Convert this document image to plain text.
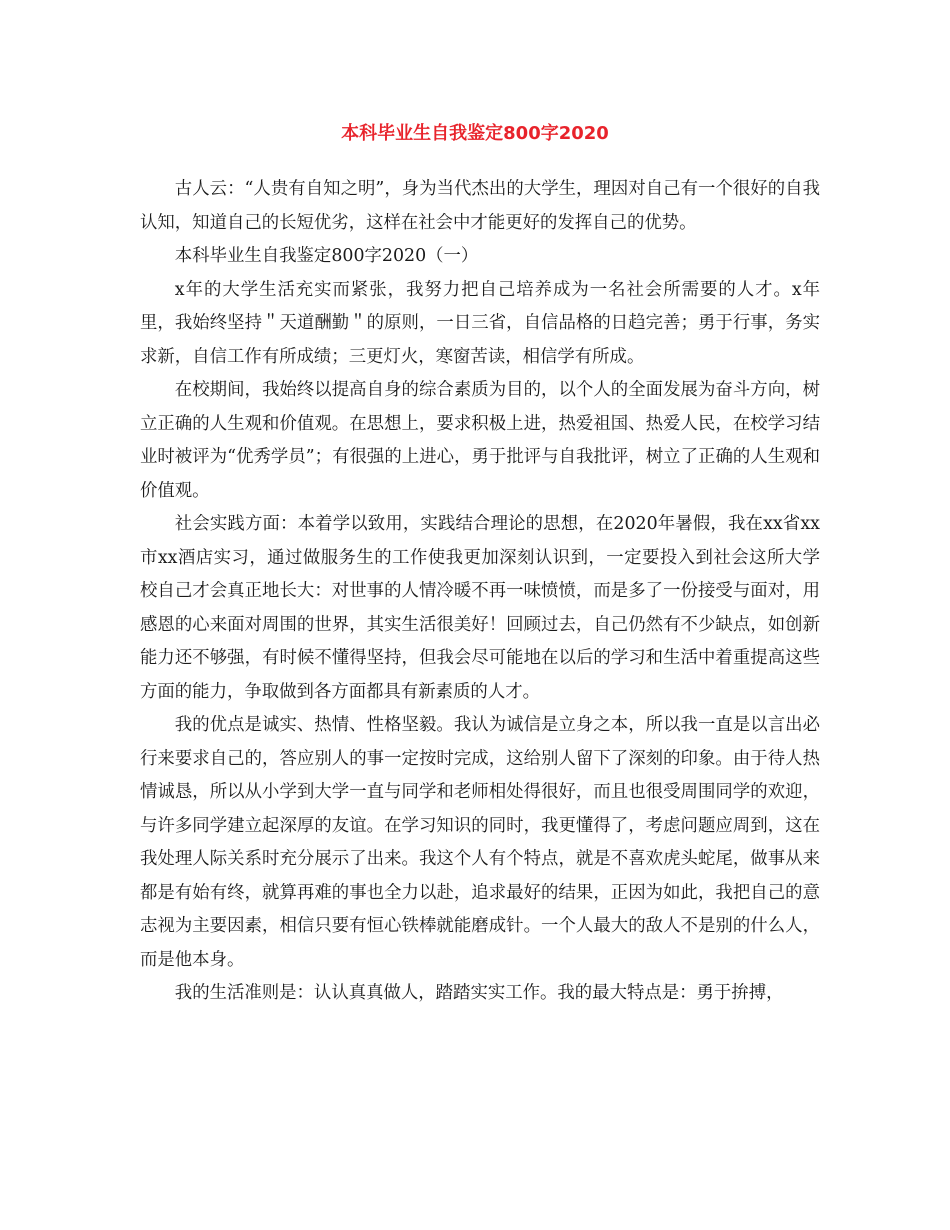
本科毕业生自我鉴定800字2020

古人云：“人贵有自知之明”，身为当代杰出的大学生，理因对自己有一个很好的自我认知，知道自己的长短优劣，这样在社会中才能更好的发挥自己的优势。

本科毕业生自我鉴定800字2020（一）

x年的大学生活充实而紧张，我努力把自己培养成为一名社会所需要的人才。x年里，我始终坚持＂天道酬勤＂的原则，一日三省，自信品格的日趋完善；勇于行事，务实求新，自信工作有所成绩；三更灯火，寒窗苦读，相信学有所成。

在校期间，我始终以提高自身的综合素质为目的，以个人的全面发展为奋斗方向，树立正确的人生观和价值观。在思想上，要求积极上进，热爱祖国、热爱人民，在校学习结业时被评为“优秀学员”；有很强的上进心，勇于批评与自我批评，树立了正确的人生观和价值观。

社会实践方面：本着学以致用，实践结合理论的思想，在2020年暑假，我在xx省xx市xx酒店实习，通过做服务生的工作使我更加深刻认识到，一定要投入到社会这所大学校自己才会真正地长大：对世事的人情冷暖不再一味愤愤，而是多了一份接受与面对，用感恩的心来面对周围的世界，其实生活很美好！回顾过去，自己仍然有不少缺点，如创新能力还不够强，有时候不懂得坚持，但我会尽可能地在以后的学习和生活中着重提高这些方面的能力，争取做到各方面都具有新素质的人才。

我的优点是诚实、热情、性格坚毅。我认为诚信是立身之本，所以我一直是以言出必行来要求自己的，答应别人的事一定按时完成，这给别人留下了深刻的印象。由于待人热情诚恳，所以从小学到大学一直与同学和老师相处得很好，而且也很受周围同学的欢迎，与许多同学建立起深厚的友谊。在学习知识的同时，我更懂得了，考虑问题应周到，这在我处理人际关系时充分展示了出来。我这个人有个特点，就是不喜欢虎头蛇尾，做事从来都是有始有终，就算再难的事也全力以赴，追求最好的结果，正因为如此，我把自己的意志视为主要因素，相信只要有恒心铁棒就能磨成针。一个人最大的敌人不是别的什么人，而是他本身。

我的生活准则是：认认真真做人，踏踏实实工作。我的最大特点是：勇于拚搏，
